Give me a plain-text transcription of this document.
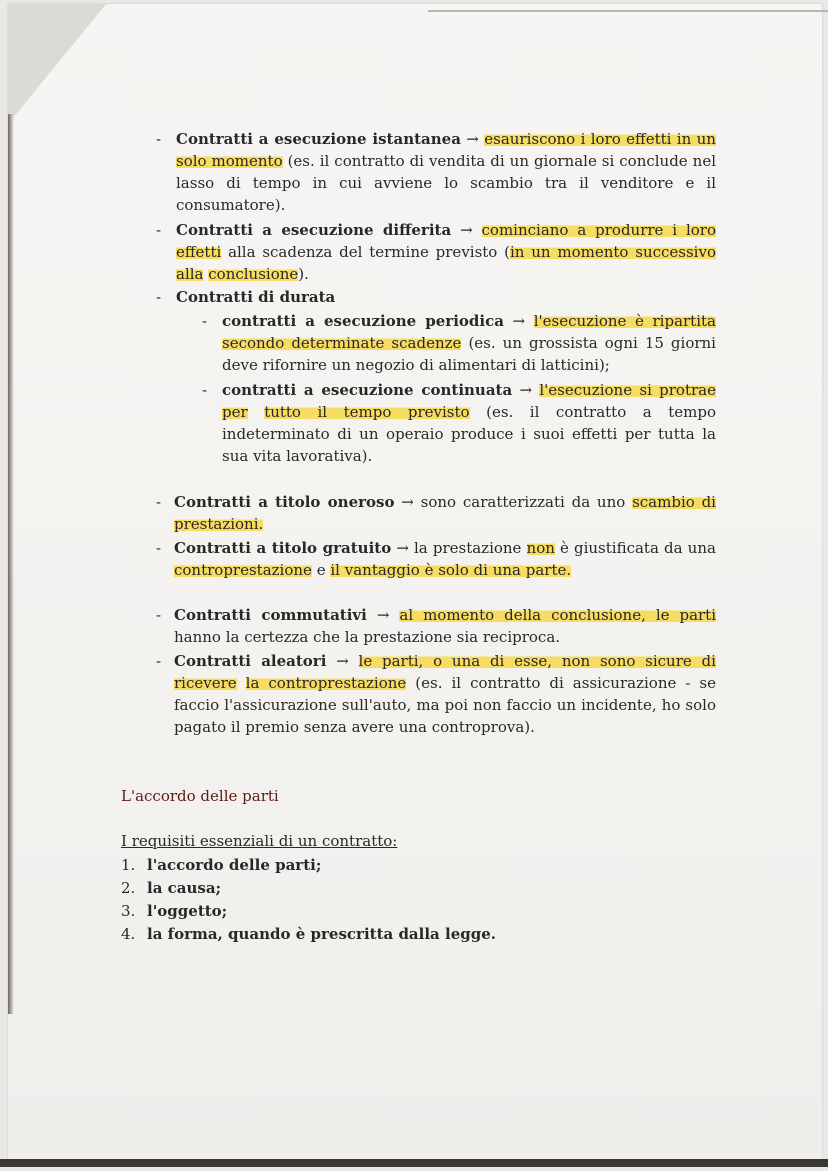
- Contratti a esecuzione istantanea → esauriscono i loro effetti in un solo momento (es. il contratto di vendita di un giornale si conclude nel lasso di tempo in cui avviene lo scambio tra il venditore e il consumatore).
- Contratti a esecuzione differita → cominciano a produrre i loro effetti alla scadenza del termine previsto (in un momento successivo alla conclusione).
- Contratti di durata
- contratti a esecuzione periodica → l'esecuzione è ripartita secondo determinate scadenze (es. un grossista ogni 15 giorni deve rifornire un negozio di alimentari di latticini);
- contratti a esecuzione continuata → l'esecuzione si protrae per tutto il tempo previsto (es. il contratto a tempo indeterminato di un operaio produce i suoi effetti per tutta la sua vita lavorativa).
- Contratti a titolo oneroso → sono caratterizzati da uno scambio di prestazioni.
- Contratti a titolo gratuito → la prestazione non è giustificata da una controprestazione e il vantaggio è solo di una parte.
- Contratti commutativi → al momento della conclusione, le parti hanno la certezza che la prestazione sia reciproca.
- Contratti aleatori → le parti, o una di esse, non sono sicure di ricevere la controprestazione (es. il contratto di assicurazione - se faccio l'assicurazione sull'auto, ma poi non faccio un incidente, ho solo pagato il premio senza avere una controprova).
L'accordo delle parti
I requisiti essenziali di un contratto:
1. l'accordo delle parti;
2. la causa;
3. l'oggetto;
4. la forma, quando è prescritta dalla legge.
